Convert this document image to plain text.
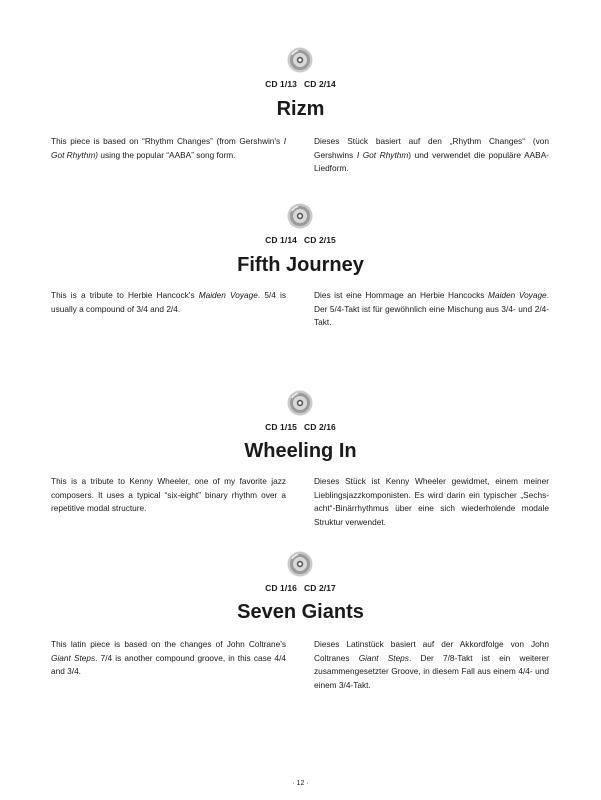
CD 1/13 CD 2/14
Rizm
This piece is based on “Rhythm Changes” (from Gershwin's I Got Rhythm) using the popular “AABA” song form.
Dieses Stück basiert auf den „Rhythm Changes“ (von Gershwins I Got Rhythm) und verwendet die populäre AABA-Liedform.
CD 1/14 CD 2/15
Fifth Journey
This is a tribute to Herbie Hancock's Maiden Voyage. 5/4 is usually a compound of 3/4 and 2/4.
Dies ist eine Hommage an Herbie Hancocks Maiden Voyage. Der 5/4-Takt ist für gewöhnlich eine Mischung aus 3/4- und 2/4-Takt.
CD 1/15 CD 2/16
Wheeling In
This is a tribute to Kenny Wheeler, one of my favorite jazz composers. It uses a typical “six-eight” binary rhythm over a repetitive modal structure.
Dieses Stück ist Kenny Wheeler gewidmet, einem meiner Lieblingsjazzkomponisten. Es wird darin ein typischer „Sechs-acht“-Binärrhythmus über eine sich wiederholende modale Struktur verwendet.
CD 1/16 CD 2/17
Seven Giants
This latin piece is based on the changes of John Coltrane's Giant Steps. 7/4 is another compound groove, in this case 4/4 and 3/4.
Dieses Latinstück basiert auf der Akkordfolge von John Coltranes Giant Steps. Der 7/8-Takt ist ein weiterer zusammengesetzter Groove, in diesem Fall aus einem 4/4- und einem 3/4-Takt.
· 12 ·
